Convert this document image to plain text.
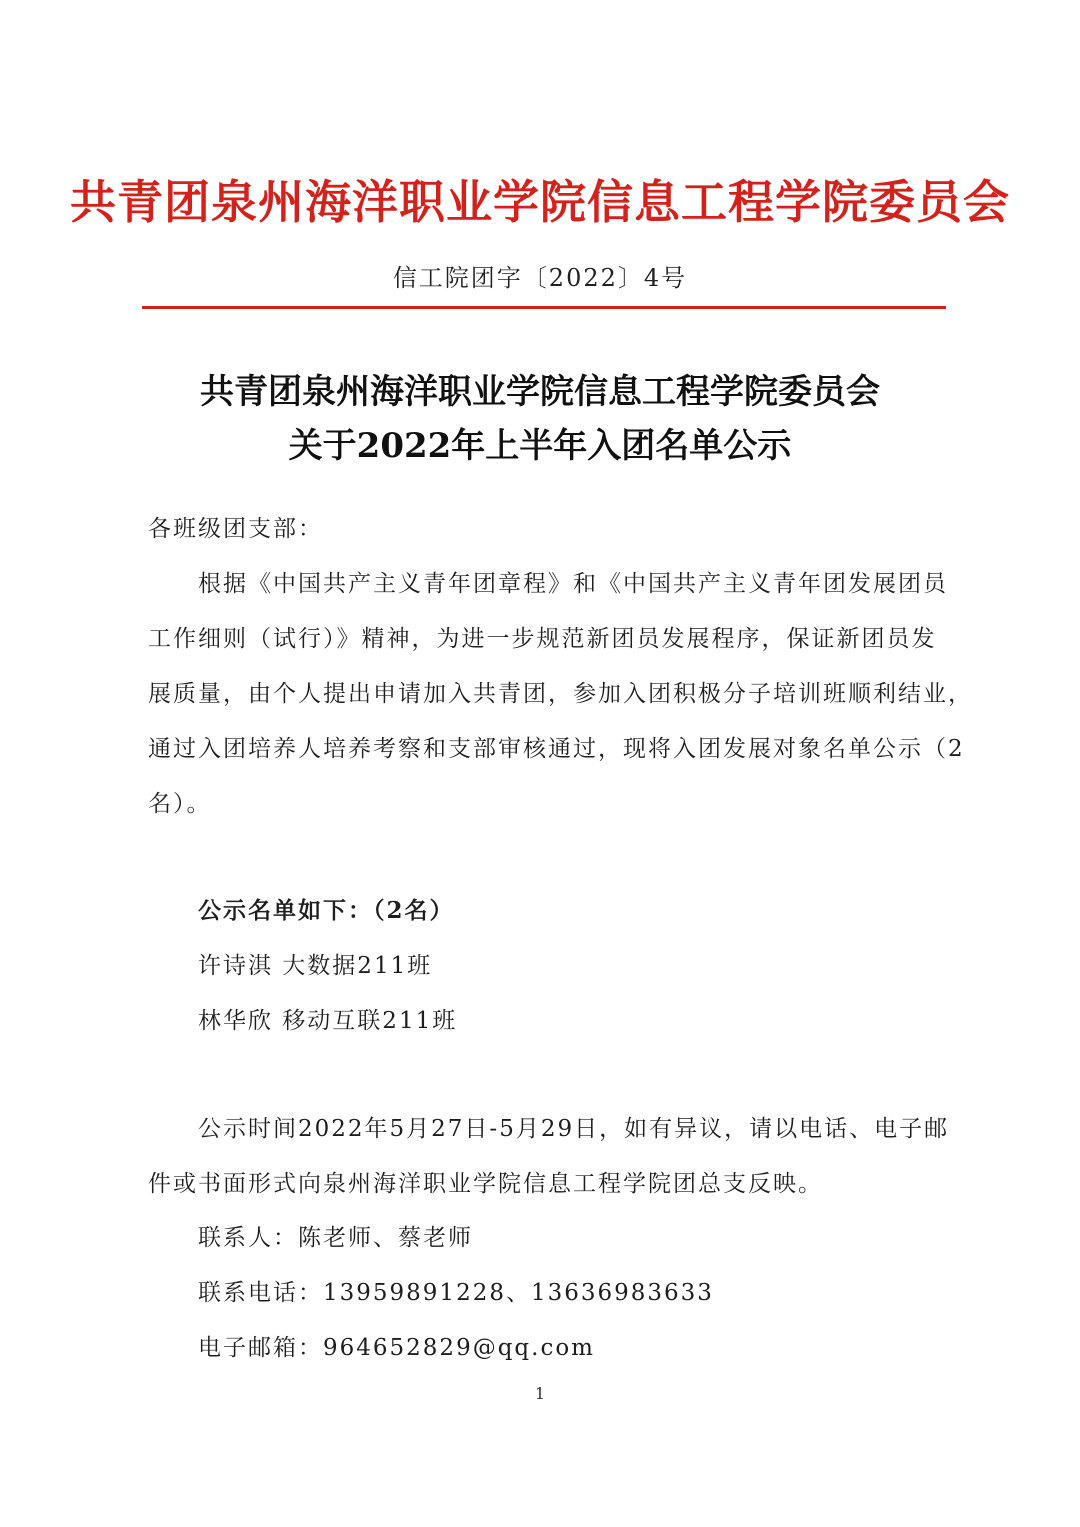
共青团泉州海洋职业学院信息工程学院委员会
信工院团字〔2022〕4号
共青团泉州海洋职业学院信息工程学院委员会
关于2022年上半年入团名单公示
各班级团支部：
根据《中国共产主义青年团章程》和《中国共产主义青年团发展团员
工作细则（试行）》精神，为进一步规范新团员发展程序，保证新团员发
展质量，由个人提出申请加入共青团，参加入团积极分子培训班顺利结业，
通过入团培养人培养考察和支部审核通过，现将入团发展对象名单公示（2
名）。
公示名单如下：（2名）
许诗淇 大数据211班
林华欣 移动互联211班
公示时间2022年5月27日-5月29日，如有异议，请以电话、电子邮
件或书面形式向泉州海洋职业学院信息工程学院团总支反映。
联系人：陈老师、蔡老师
联系电话：13959891228、13636983633
电子邮箱：964652829@qq.com
1
